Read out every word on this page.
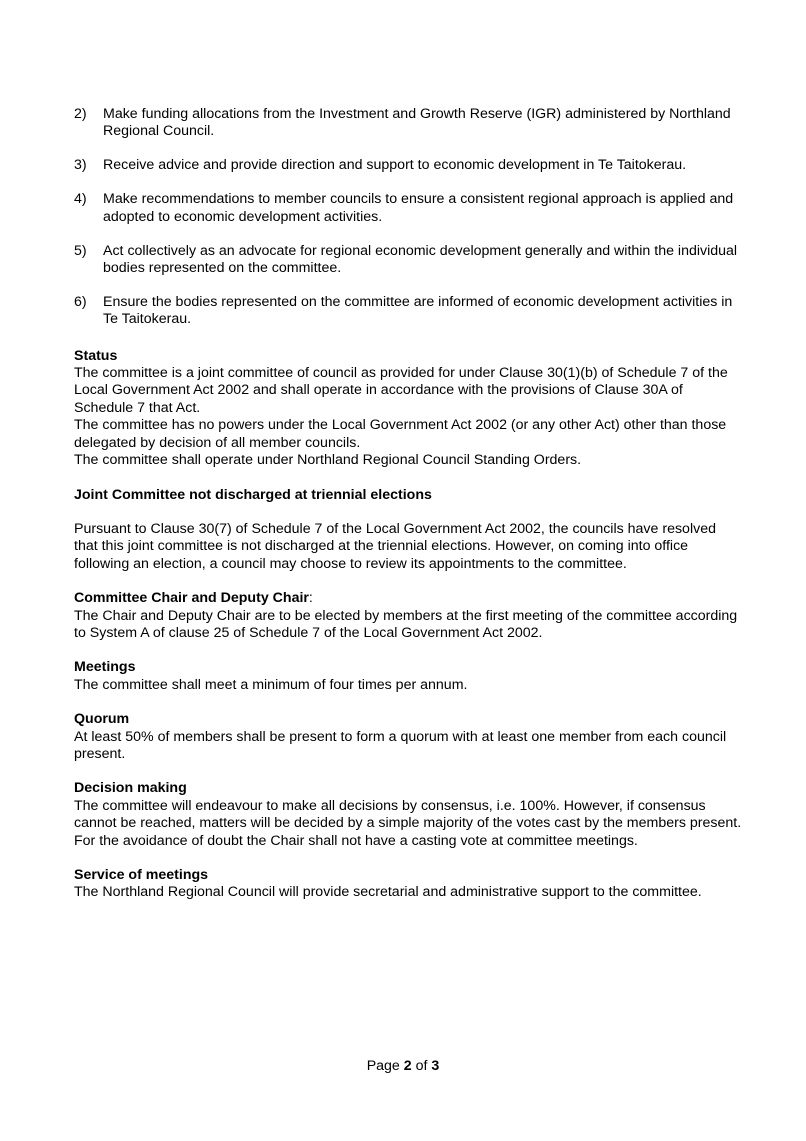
2)	Make funding allocations from the Investment and Growth Reserve (IGR) administered by Northland Regional Council.
3)	Receive advice and provide direction and support to economic development in Te Taitokerau.
4)	Make recommendations to member councils to ensure a consistent regional approach is applied and adopted to economic development activities.
5)	Act collectively as an advocate for regional economic development generally and within the individual bodies represented on the committee.
6)	Ensure the bodies represented on the committee are informed of economic development activities in Te Taitokerau.
Status

The committee is a joint committee of council as provided for under Clause 30(1)(b) of Schedule 7 of the Local Government Act 2002 and shall operate in accordance with the provisions of Clause 30A of Schedule 7 that Act.

The committee has no powers under the Local Government Act 2002 (or any other Act) other than those delegated by decision of all member councils.

The committee shall operate under Northland Regional Council Standing Orders.

Joint Committee not discharged at triennial elections

Pursuant to Clause 30(7) of Schedule 7 of the Local Government Act 2002, the councils have resolved that this joint committee is not discharged at the triennial elections. However, on coming into office following an election, a council may choose to review its appointments to the committee.

Committee Chair and Deputy Chair:

The Chair and Deputy Chair are to be elected by members at the first meeting of the committee according to System A of clause 25 of Schedule 7 of the Local Government Act 2002.

Meetings

The committee shall meet a minimum of four times per annum.

Quorum

At least 50% of members shall be present to form a quorum with at least one member from each council present.

Decision making

The committee will endeavour to make all decisions by consensus, i.e. 100%. However, if consensus cannot be reached, matters will be decided by a simple majority of the votes cast by the members present. For the avoidance of doubt the Chair shall not have a casting vote at committee meetings.

Service of meetings

The Northland Regional Council will provide secretarial and administrative support to the committee.

Page 2 of 3
